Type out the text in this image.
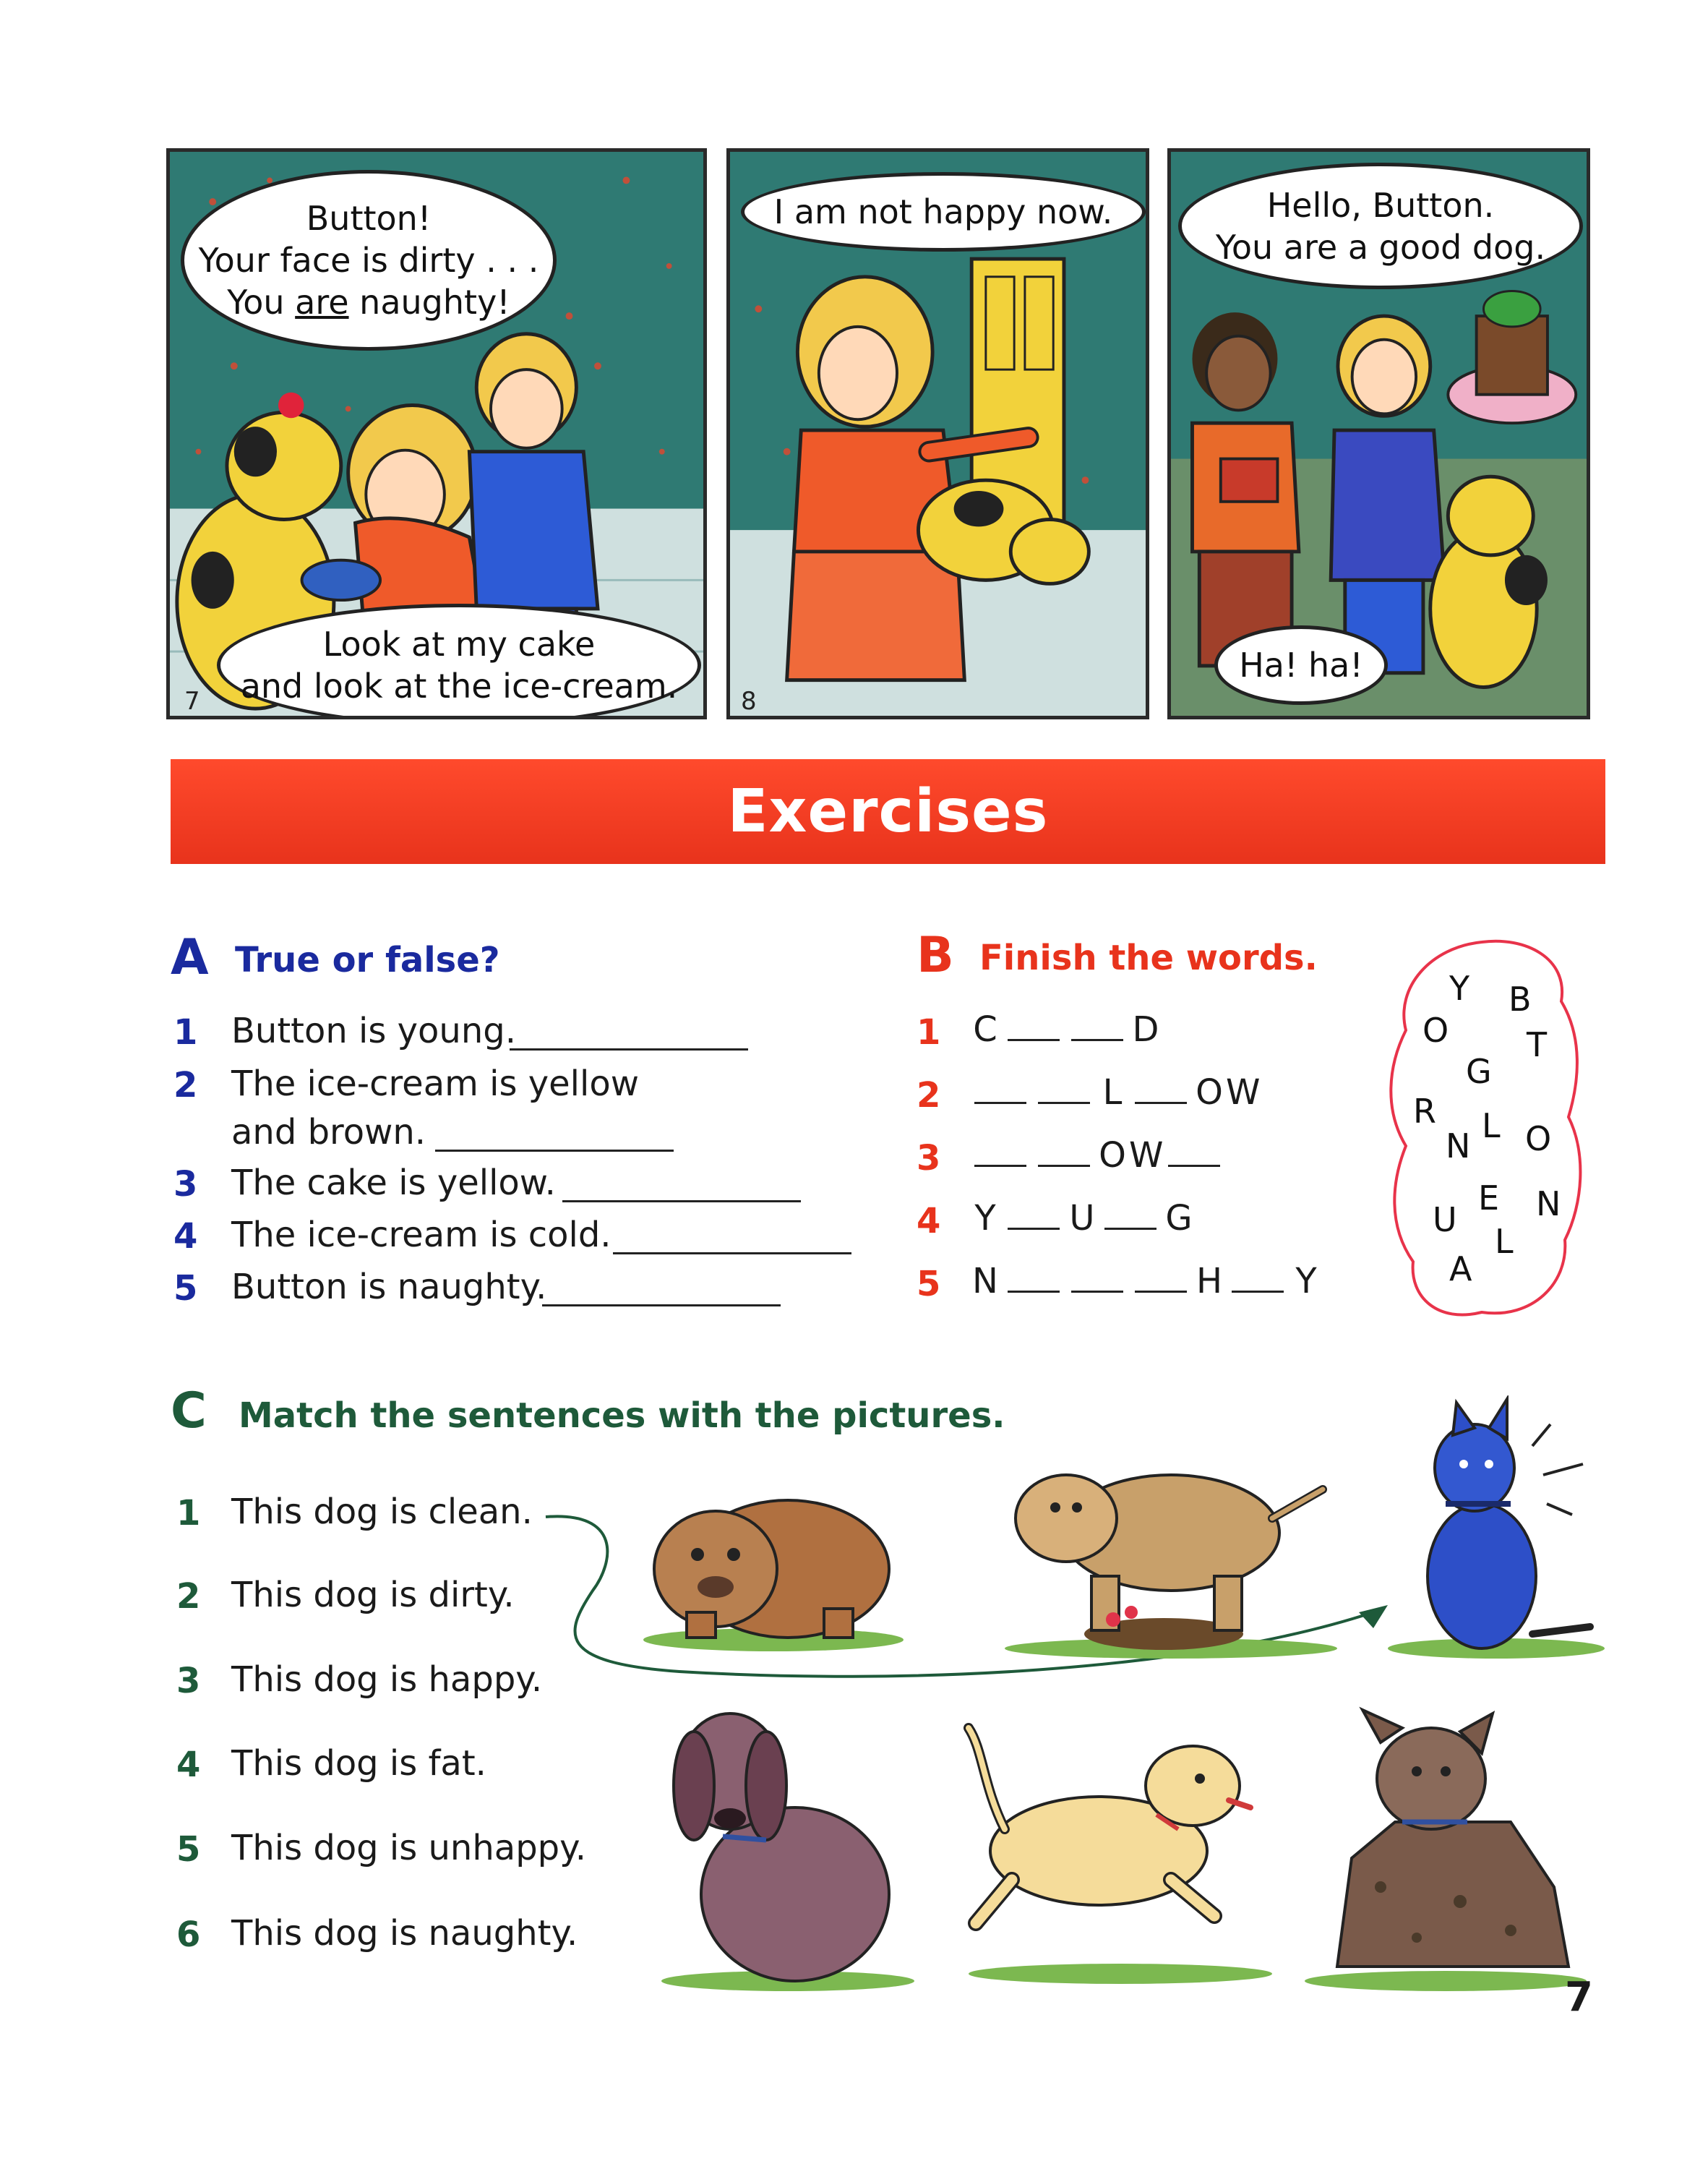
Button!
Your face is dirty . . .
You are naughty!
Look at my cake
and look at the ice-cream.
7
I am not happy now.
8
Hello, Button.
You are a good dog.
Ha! ha!
Exercises
A True or false?
1 Button is young.
2 The ice-cream is yellow
and brown.
3 The cake is yellow.
4 The ice-cream is cold.
5 Button is naughty.
B Finish the words.
1 C	D
2	L O W
3	O W
4 Y U G
5 N	H Y
Y B
O T
G
R L
N O
E
U N
L
A
C Match the sentences with the pictures.
1 This dog is clean.
2 This dog is dirty.
3 This dog is happy.
4 This dog is fat.
5 This dog is unhappy.
6 This dog is naughty.
7
